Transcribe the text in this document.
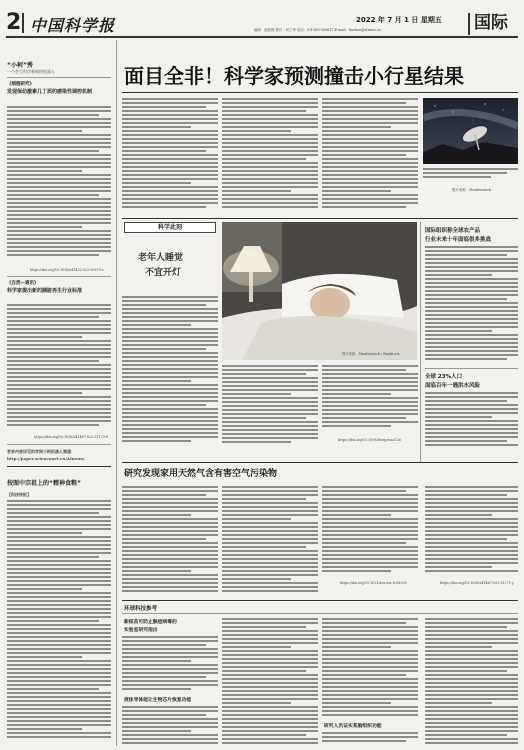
2 中国科学报	2022 年 7 月 1 日 星期五
编辑：赵熙熙 校对：何工秀 电话：(010)62580617 E-mail：hxzhao@stimes.cn	国际
“小柯”秀
一个会写科学新闻的机器人
《细胞研究》
发现保幼激素几丁质的感染性调控机制
https://doi.org/10.1038/s41422-022-00679-z
《自然—通讯》
科学家提出新的胰脏再生行业标准
https://doi.org/10.1038/s41467-022-31179-8
更多内容详见科学网小柯机器人频道：
http://paper.sciencenet.cn/AInews/
按图中宗祖上的“精神食粮”
【科技快报】
面目全非！科学家预测撞击小行星结果
图片来源：Shutterstock
科学此刻
老年人睡觉
不宜开灯
图片来源：Shutterstock / Realstock
https://doi.org/10.1093/sleep/zsac130
国际组织称全球农产品
行业未来十年面临很多挑战
全球 23%人口
面临百年一遇洪水风险
研究发现家用天然气含有害空气污染物
https://doi.org/10.1021/acs.est.1c08298	https://doi.org/10.1038/s41467-022-31271-y
环球科技参考
新疫苗可防止猴痘病毒的
实验室研究指出
液体导体能让生物芯片恢复功能
研究人员证实某脑组织功能
